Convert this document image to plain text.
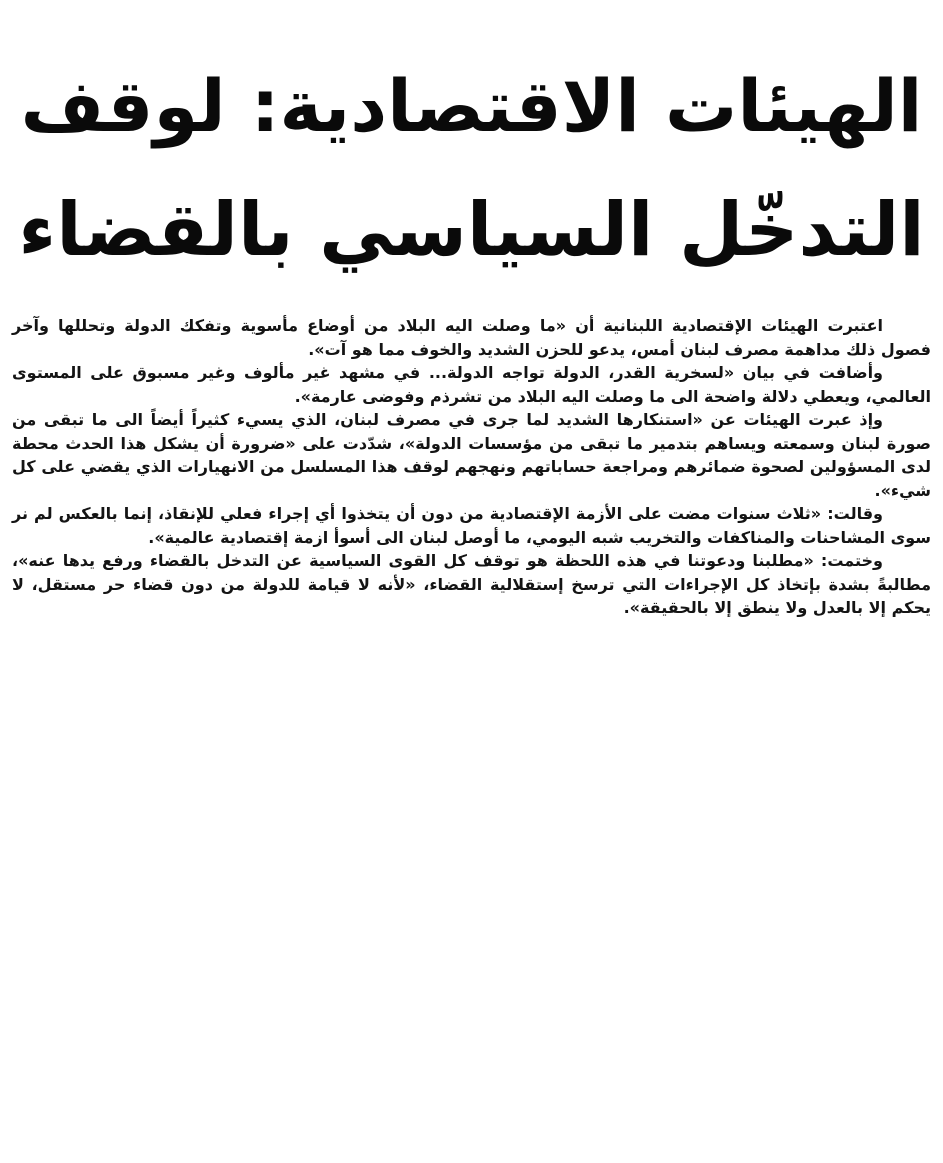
الهيئات الاقتصادية: لوقف
التدخّل السياسي بالقضاء

اعتبرت الهيئات الإقتصادية اللبنانية أن «ما وصلت اليه البلاد من أوضاع مأسوية وتفكك الدولة وتحللها وآخر فصول ذلك مداهمة مصرف لبنان أمس، يدعو للحزن الشديد والخوف مما هو آت».

وأضافت في بيان «لسخرية القدر، الدولة تواجه الدولة... في مشهد غير مألوف وغير مسبوق على المستوى العالمي، ويعطي دلالة واضحة الى ما وصلت اليه البلاد من تشرذم وفوضى عارمة».

وإذ عبرت الهيئات عن «استنكارها الشديد لما جرى في مصرف لبنان، الذي يسيء كثيراً أيضاً الى ما تبقى من صورة لبنان وسمعته ويساهم بتدمير ما تبقى من مؤسسات الدولة»، شدّدت على «ضرورة أن يشكل هذا الحدث محطة لدى المسؤولين لصحوة ضمائرهم ومراجعة حساباتهم ونهجهم لوقف هذا المسلسل من الانهيارات الذي يقضي على كل شيء».

وقالت: «ثلاث سنوات مضت على الأزمة الإقتصادية من دون أن يتخذوا أي إجراء فعلي للإنقاذ، إنما بالعكس لم نر سوى المشاحنات والمناكفات والتخريب شبه اليومي، ما أوصل لبنان الى أسوأ ازمة إقتصادية عالمية».

وختمت: «مطلبنا ودعوتنا في هذه اللحظة هو توقف كل القوى السياسية عن التدخل بالقضاء ورفع يدها عنه»، مطالبةً بشدة بإتخاذ كل الإجراءات التي ترسخ إستقلالية القضاء، «لأنه لا قيامة للدولة من دون قضاء حر مستقل، لا يحكم إلا بالعدل ولا ينطق إلا بالحقيقة».
